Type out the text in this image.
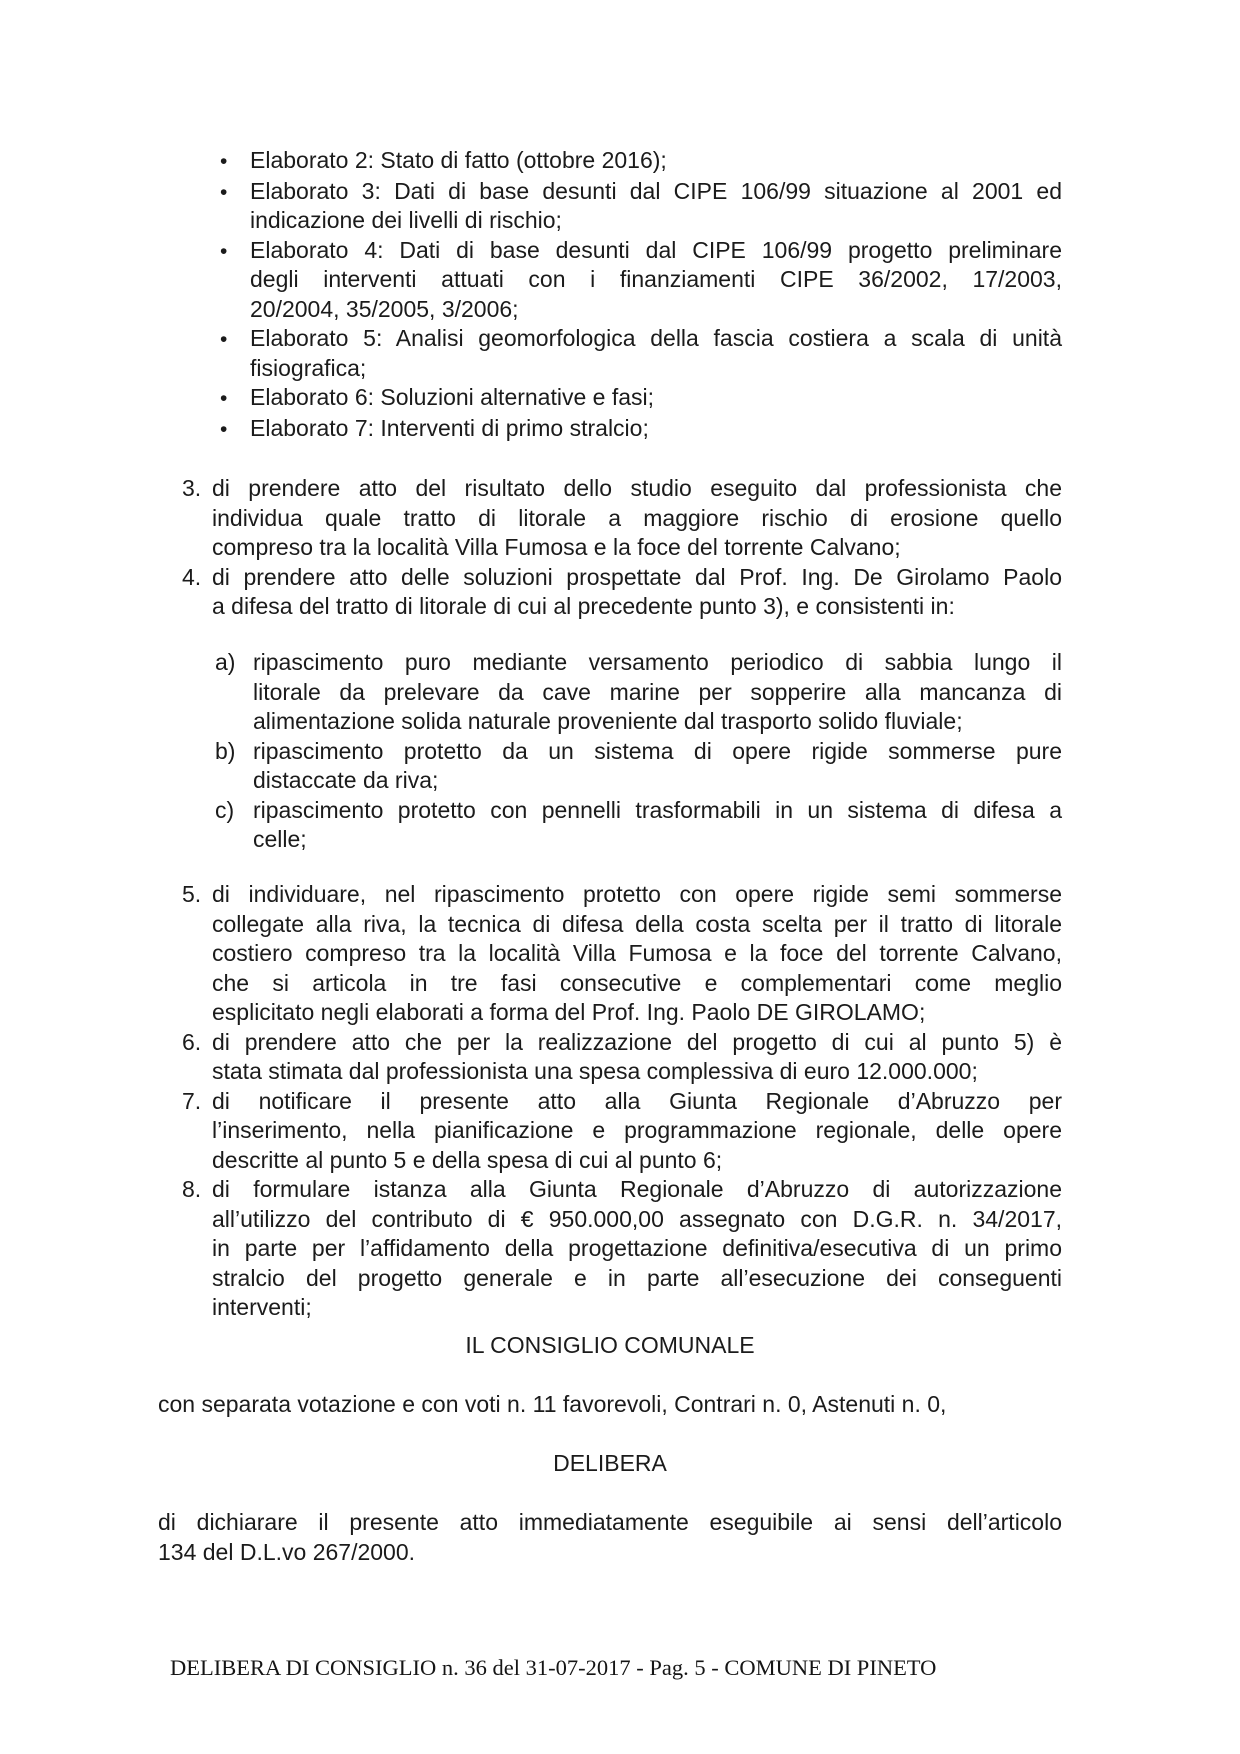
• Elaborato 2: Stato di fatto (ottobre 2016);
• Elaborato 3: Dati di base desunti dal CIPE 106/99 situazione al 2001 ed
indicazione dei livelli di rischio;
• Elaborato 4: Dati di base desunti dal CIPE 106/99 progetto preliminare
degli interventi attuati con i finanziamenti CIPE 36/2002, 17/2003,
20/2004, 35/2005, 3/2006;
• Elaborato 5: Analisi geomorfologica della fascia costiera a scala di unità
fisiografica;
• Elaborato 6: Soluzioni alternative e fasi;
• Elaborato 7: Interventi di primo stralcio;
3. di prendere atto del risultato dello studio eseguito dal professionista che
individua quale tratto di litorale a maggiore rischio di erosione quello
compreso tra la località Villa Fumosa e la foce del torrente Calvano;
4. di prendere atto delle soluzioni prospettate dal Prof. Ing. De Girolamo Paolo
a difesa del tratto di litorale di cui al precedente punto 3), e consistenti in:
a) ripascimento puro mediante versamento periodico di sabbia lungo il
litorale da prelevare da cave marine per sopperire alla mancanza di
alimentazione solida naturale proveniente dal trasporto solido fluviale;
b) ripascimento protetto da un sistema di opere rigide sommerse pure
distaccate da riva;
c) ripascimento protetto con pennelli trasformabili in un sistema di difesa a
celle;
5. di individuare, nel ripascimento protetto con opere rigide semi sommerse
collegate alla riva, la tecnica di difesa della costa scelta per il tratto di litorale
costiero compreso tra la località Villa Fumosa e la foce del torrente Calvano,
che si articola in tre fasi consecutive e complementari come meglio
esplicitato negli elaborati a forma del Prof. Ing. Paolo DE GIROLAMO;
6. di prendere atto che per la realizzazione del progetto di cui al punto 5) è
stata stimata dal professionista una spesa complessiva di euro 12.000.000;
7. di notificare il presente atto alla Giunta Regionale d’Abruzzo per
l’inserimento, nella pianificazione e programmazione regionale, delle opere
descritte al punto 5 e della spesa di cui al punto 6;
8. di formulare istanza alla Giunta Regionale d’Abruzzo di autorizzazione
all’utilizzo del contributo di € 950.000,00 assegnato con D.G.R. n. 34/2017,
in parte per l’affidamento della progettazione definitiva/esecutiva di un primo
stralcio del progetto generale e in parte all’esecuzione dei conseguenti
interventi;
IL CONSIGLIO COMUNALE
con separata votazione e con voti n. 11 favorevoli, Contrari n. 0, Astenuti n. 0,
DELIBERA
di dichiarare il presente atto immediatamente eseguibile ai sensi dell’articolo
134 del D.L.vo 267/2000.
DELIBERA DI CONSIGLIO n. 36 del 31-07-2017 - Pag. 5 - COMUNE DI PINETO
